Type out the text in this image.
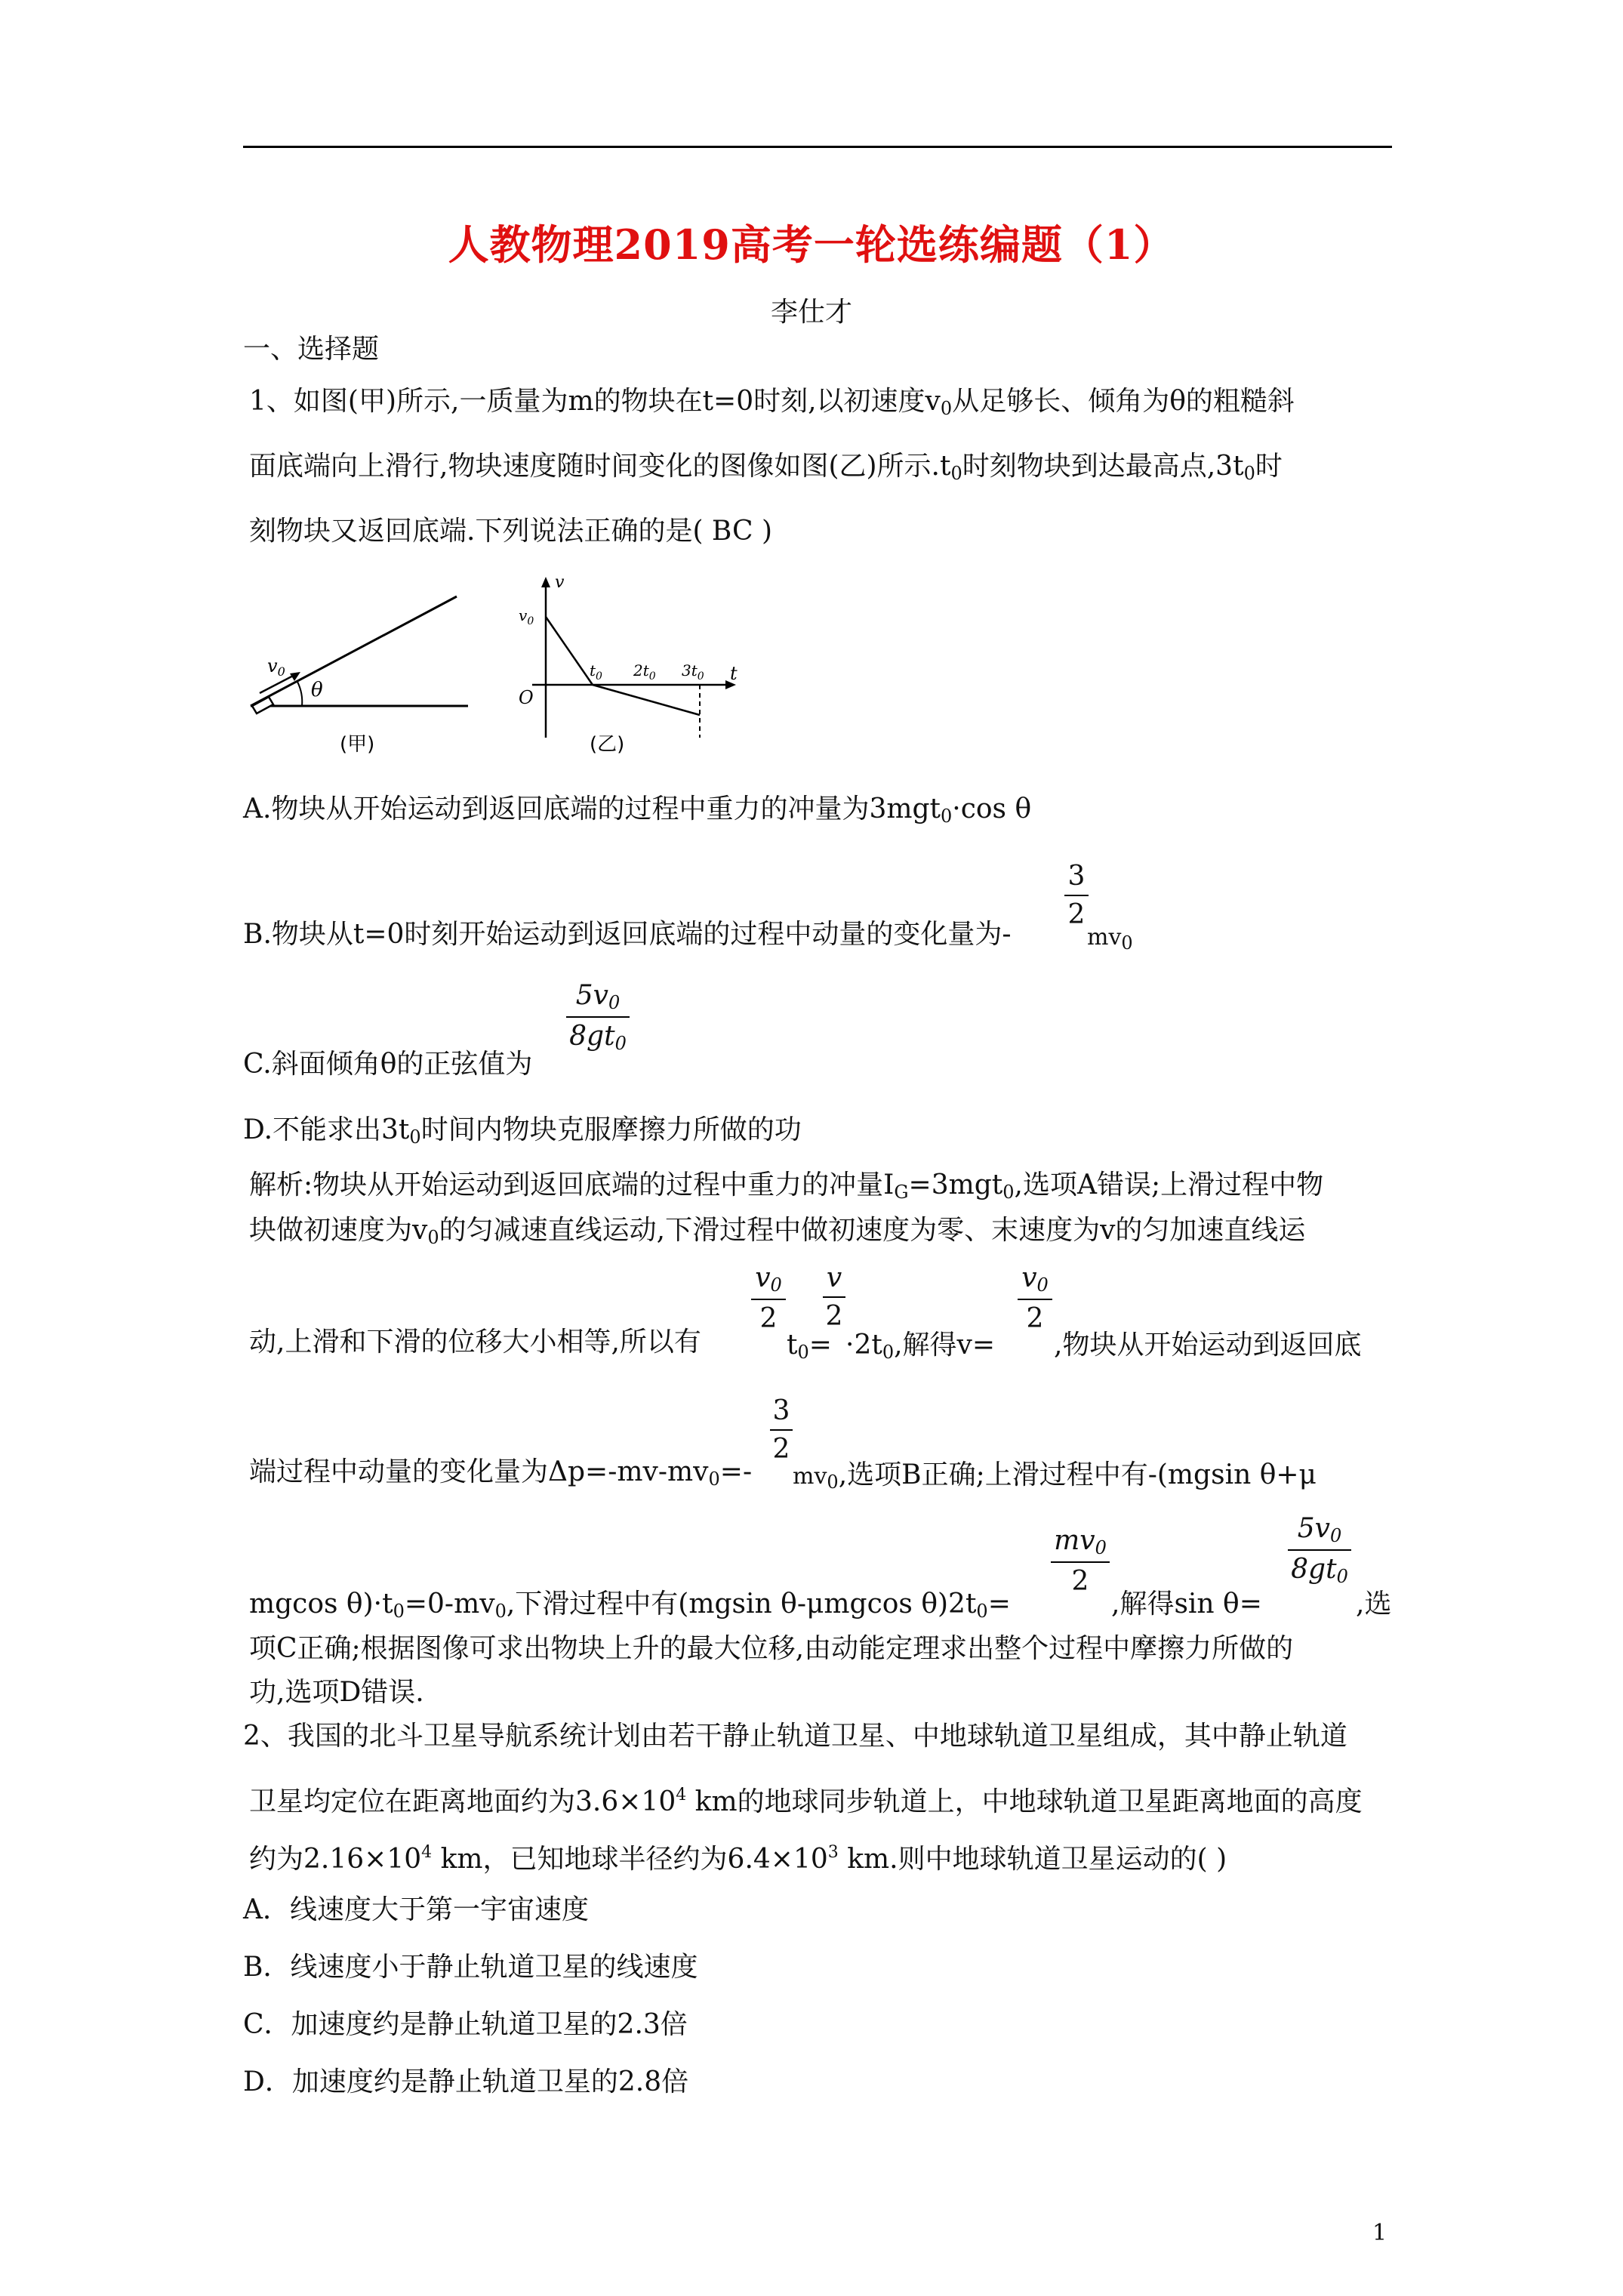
人教物理2019高考一轮选练编题（1）
李仕才
一、选择题
1、如图(甲)所示,一质量为m的物块在t=0时刻,以初速度$v_0$从足够长、倾角为θ的粗糙斜
面底端向上滑行,物块速度随时间变化的图像如图(乙)所示$.t_0$时刻物块到达最高点$,3t_0$时
刻物块又返回底端.下列说法正确的是( BC )
$v_0$
θ
(甲)
v
t
O
$v_0$
$t_0$ $2t_0$ $3t_0$
(乙)
A.物块从开始运动到返回底端的过程中重力的冲量为3mgt$_0$·cos θ
B.物块从t=0时刻开始运动到返回底端的过程中动量的变化量为-
3
2
$mv_0$
C.斜面倾角θ的正弦值为
$5v_0$
$8gt_0$
D.不能求出$3t_0$时间内物块克服摩擦力所做的功
解析:物块从开始运动到返回底端的过程中重力的冲量$I_G=3mgt_0$,选项A错误;上滑过程中物
块做初速度为$v_0$的匀减速直线运动,下滑过程中做初速度为零、末速度为v的匀加速直线运
动,上滑和下滑的位移大小相等,所以有
$v_0$
2
$t_0=$
v
2
$\cdot 2t_0$,解得v=
$v_0$
2
,物块从开始运动到返回底
端过程中动量的变化量为$\Delta p=-mv-mv_0=-$
3
2
$mv_0$,选项B正确;上滑过程中有-(mgsin θ+μ
mgcos $\theta)\cdot t_0=0-mv_0$,下滑过程中有(mgsin θ-μmgcos $\theta)2t_0=$
$mv_0$
2
,解得sin θ=
$5v_0$
$8gt_0$
,选
项C正确;根据图像可求出物块上升的最大位移,由动能定理求出整个过程中摩擦力所做的
功,选项D错误.
2、我国的北斗卫星导航系统计划由若干静止轨道卫星、中地球轨道卫星组成，其中静止轨道
卫星均定位在距离地面约为$3.6\times 10^4$ km的地球同步轨道上，中地球轨道卫星距离地面的高度
约为$2.16\times 10^4$ km，已知地球半径约为$6.4\times 10^3$ km.则中地球轨道卫星运动的( )
A．线速度大于第一宇宙速度
B．线速度小于静止轨道卫星的线速度
C．加速度约是静止轨道卫星的2.3倍
D．加速度约是静止轨道卫星的2.8倍
1
